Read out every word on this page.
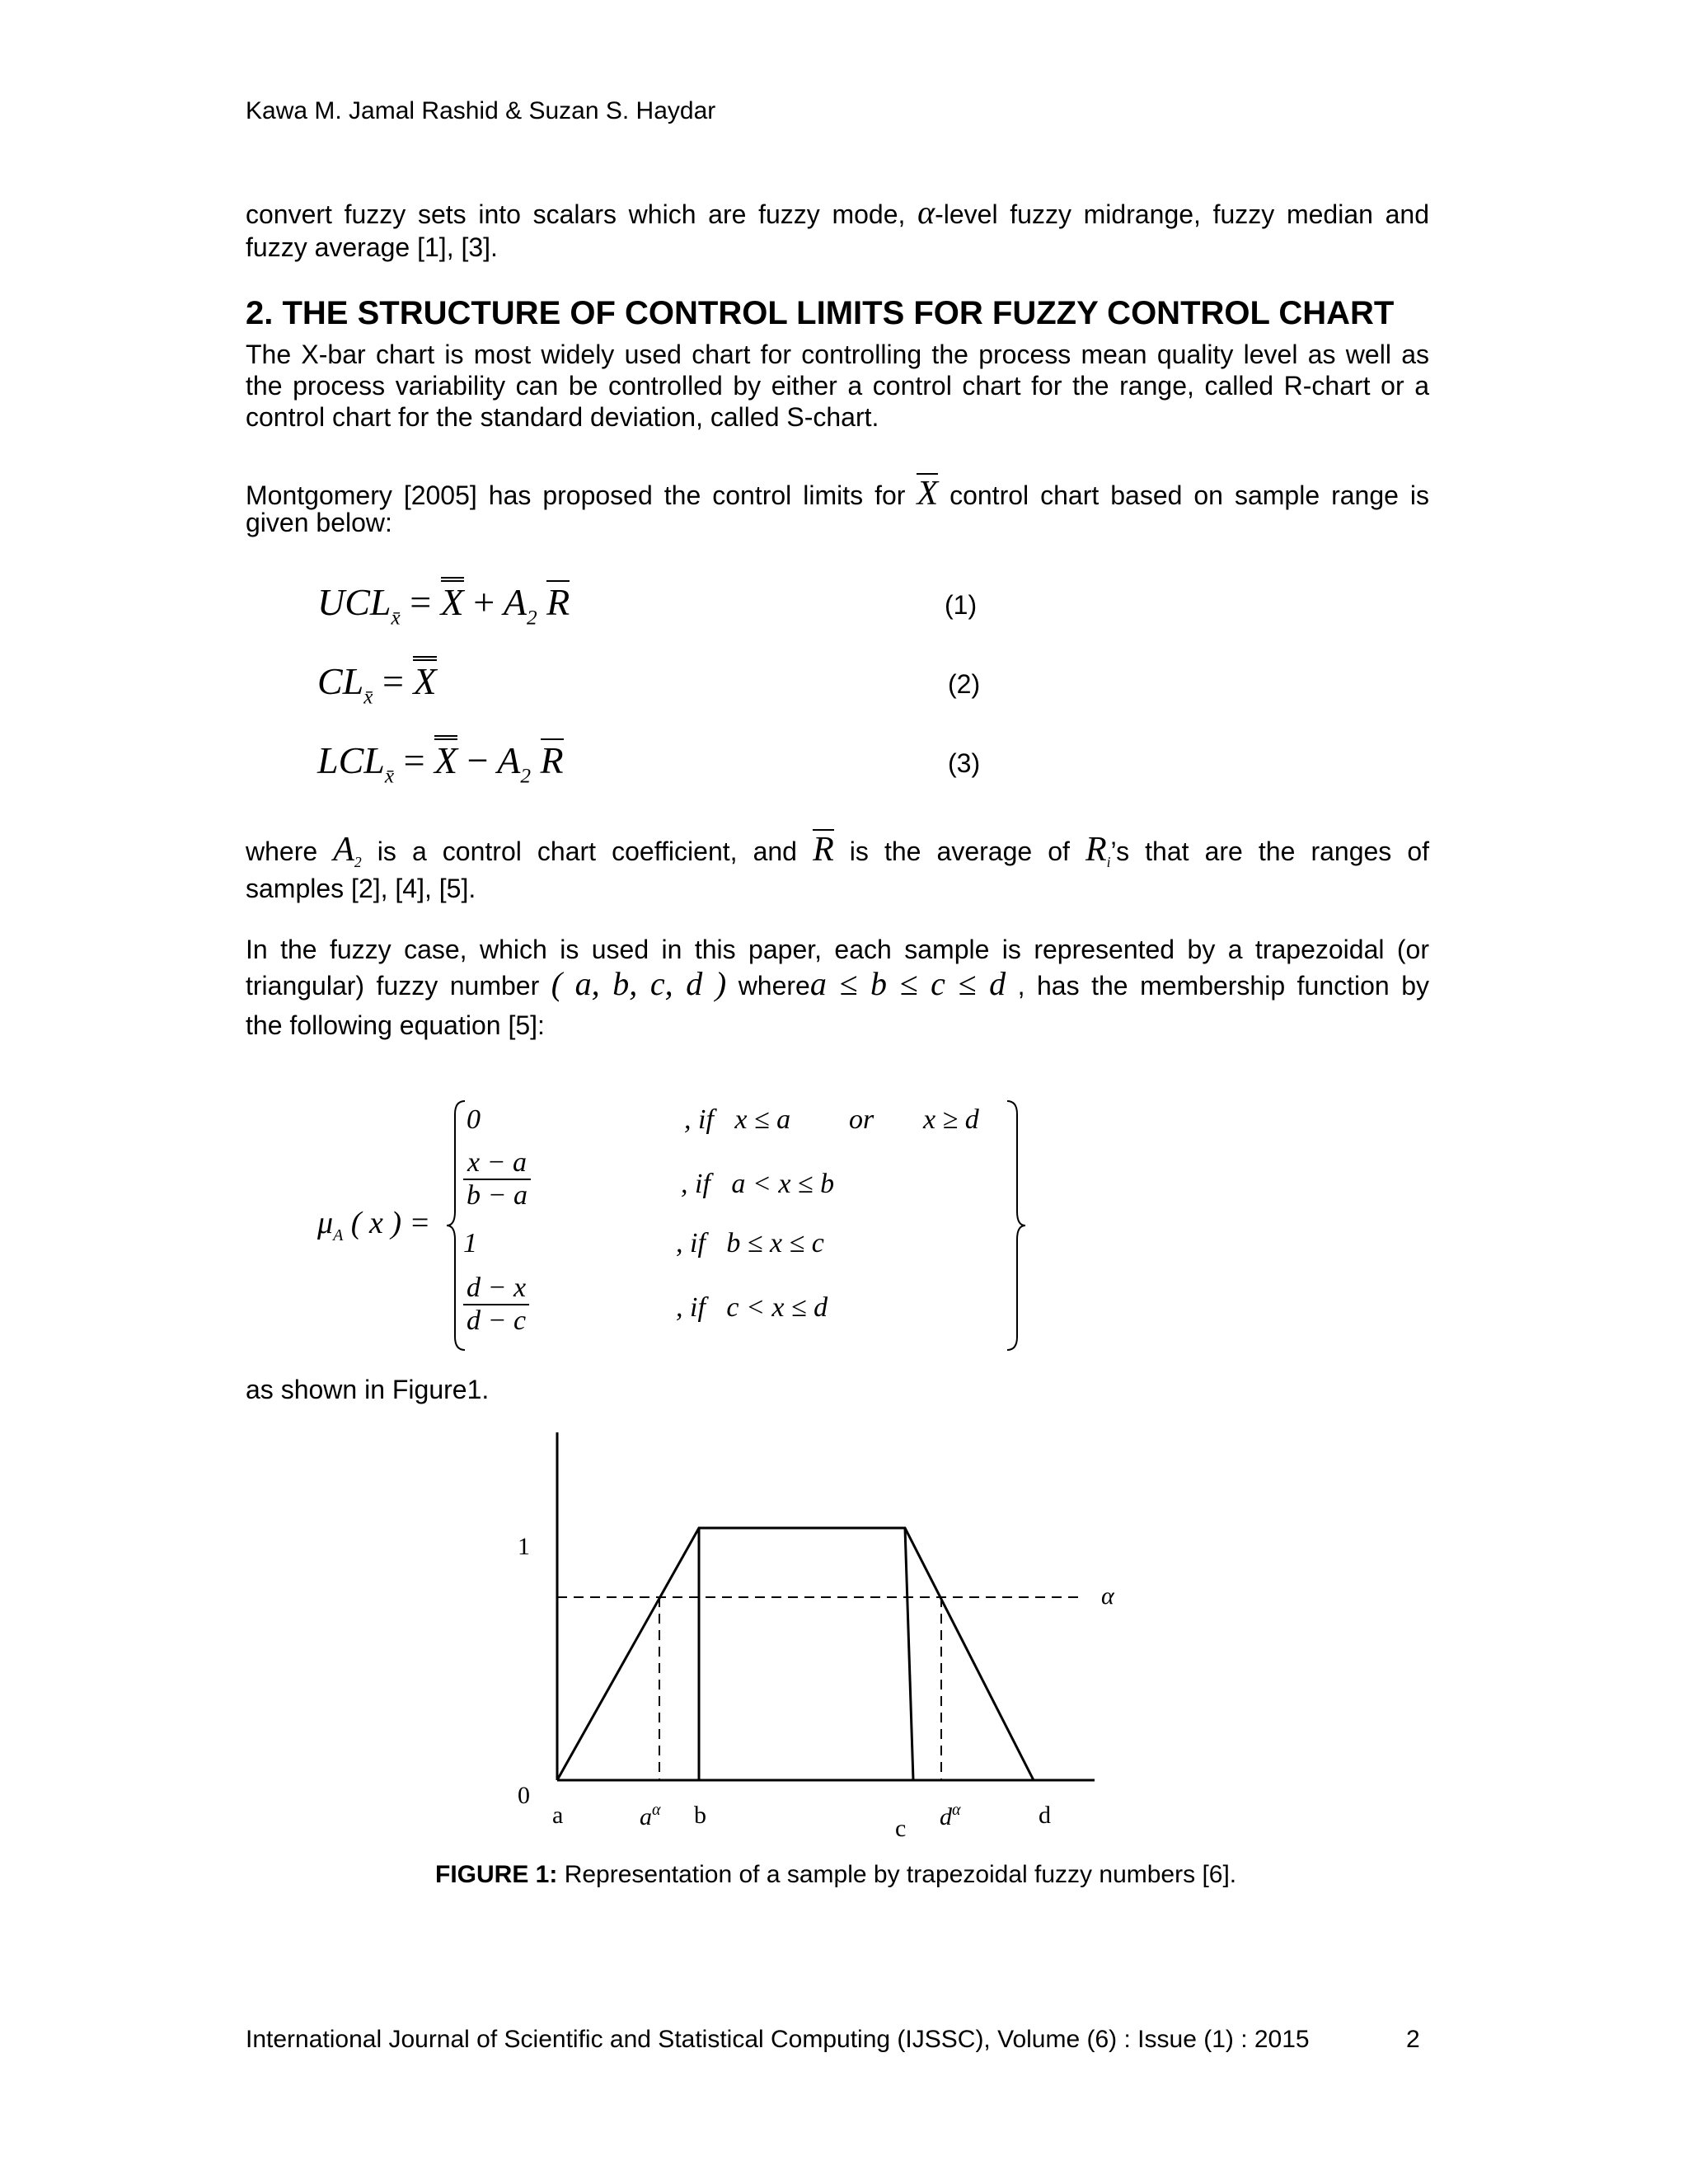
Kawa M. Jamal Rashid & Suzan S. Haydar
convert fuzzy sets into scalars which are fuzzy mode, α-level fuzzy midrange, fuzzy median and
fuzzy average [1], [3].
2. THE STRUCTURE OF CONTROL LIMITS FOR FUZZY CONTROL CHART
The X-bar chart is most widely used chart for controlling the process mean quality level as well as
the process variability can be controlled by either a control chart for the range, called R-chart or a
control chart for the standard deviation, called S-chart.
Montgomery [2005] has proposed the control limits for X control chart based on sample range is
given below:
$UCL_{x̄} = X + A_2$ R	(1)
$CL_{x̄} = X$	(2)
$LCL_{x̄} = X - A_2$ R	(3)
where $A_2$ is a control chart coefficient, and R is the average of $R_i’s$ that are the ranges of
samples [2], [4], [5].
In the fuzzy case, which is used in this paper, each sample is represented by a trapezoidal (or
triangular) fuzzy number ( a, b, c, d ) wherea ≤ b ≤ c ≤ d , has the membership function by
the following equation [5]:
$\mu_A$ ( x ) =
0	, if   x ≤ a or x ≥ d
$\frac{x - a}{b - a}$	, if   a < x ≤ b
1	, if   b ≤ x ≤ c
$\frac{d - x}{d - c}$	, if   c < x ≤ d
as shown in Figure1.
1
0
α
a	$a^\alpha$ b	c $d^\alpha$	d
FIGURE 1: Representation of a sample by trapezoidal fuzzy numbers [6].
International Journal of Scientific and Statistical Computing (IJSSC), Volume (6) : Issue (1) : 2015	2
